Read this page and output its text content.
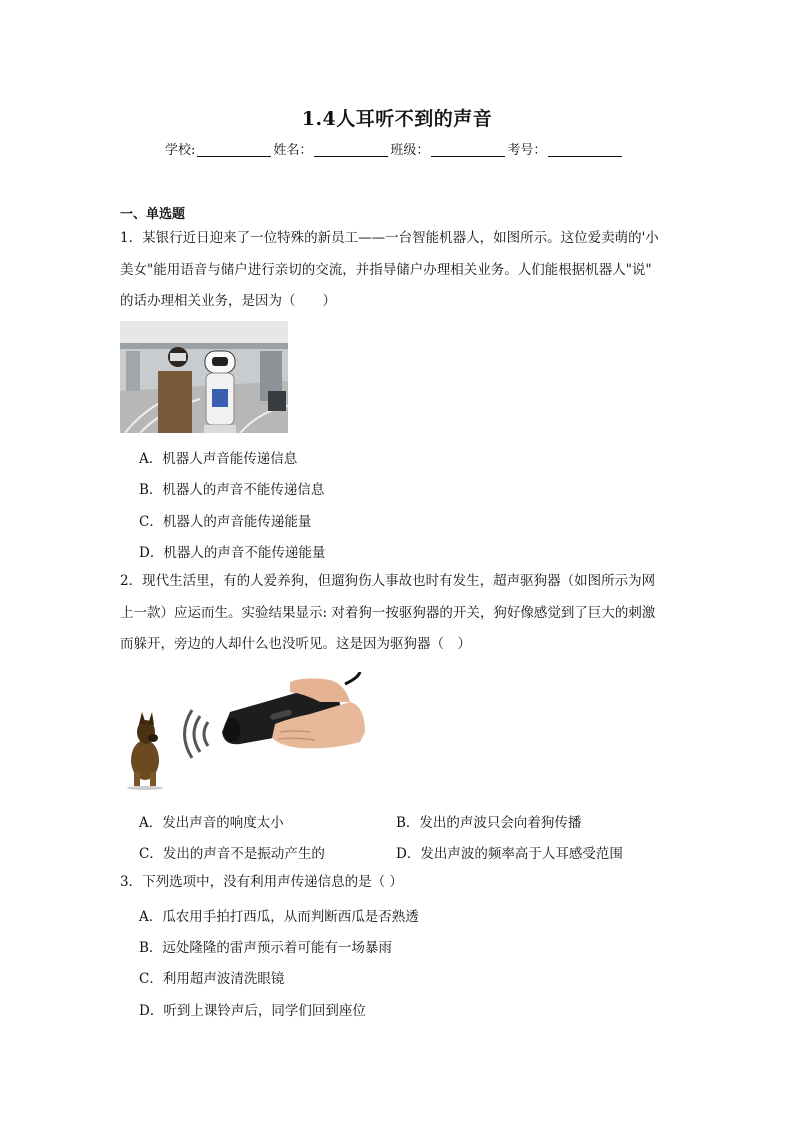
1.4人耳听不到的声音
学校:	姓名：	班级：	考号：
一、单选题
1．某银行近日迎来了一位特殊的新员工——一台智能机器人，如图所示。这位爱卖萌的'小
美女"能用语音与储户进行亲切的交流，并指导储户办理相关业务。人们能根据机器人"说"
的话办理相关业务，是因为（　　）
A．机器人声音能传递信息
B．机器人的声音不能传递信息
C．机器人的声音能传递能量
D．机器人的声音不能传递能量
2．现代生活里，有的人爱养狗，但遛狗伤人事故也时有发生，超声驱狗器（如图所示为网
上一款）应运而生。实验结果显示: 对着狗一按驱狗器的开关，狗好像感觉到了巨大的刺激
而躲开，旁边的人却什么也没听见。这是因为驱狗器（　）
A．发出声音的响度太小	B．发出的声波只会向着狗传播
C．发出的声音不是振动产生的	D．发出声波的频率高于人耳感受范围
3．下列选项中，没有利用声传递信息的是（ ）
A．瓜农用手拍打西瓜，从而判断西瓜是否熟透
B．远处隆隆的雷声预示着可能有一场暴雨
C．利用超声波清洗眼镜
D．听到上课铃声后，同学们回到座位
